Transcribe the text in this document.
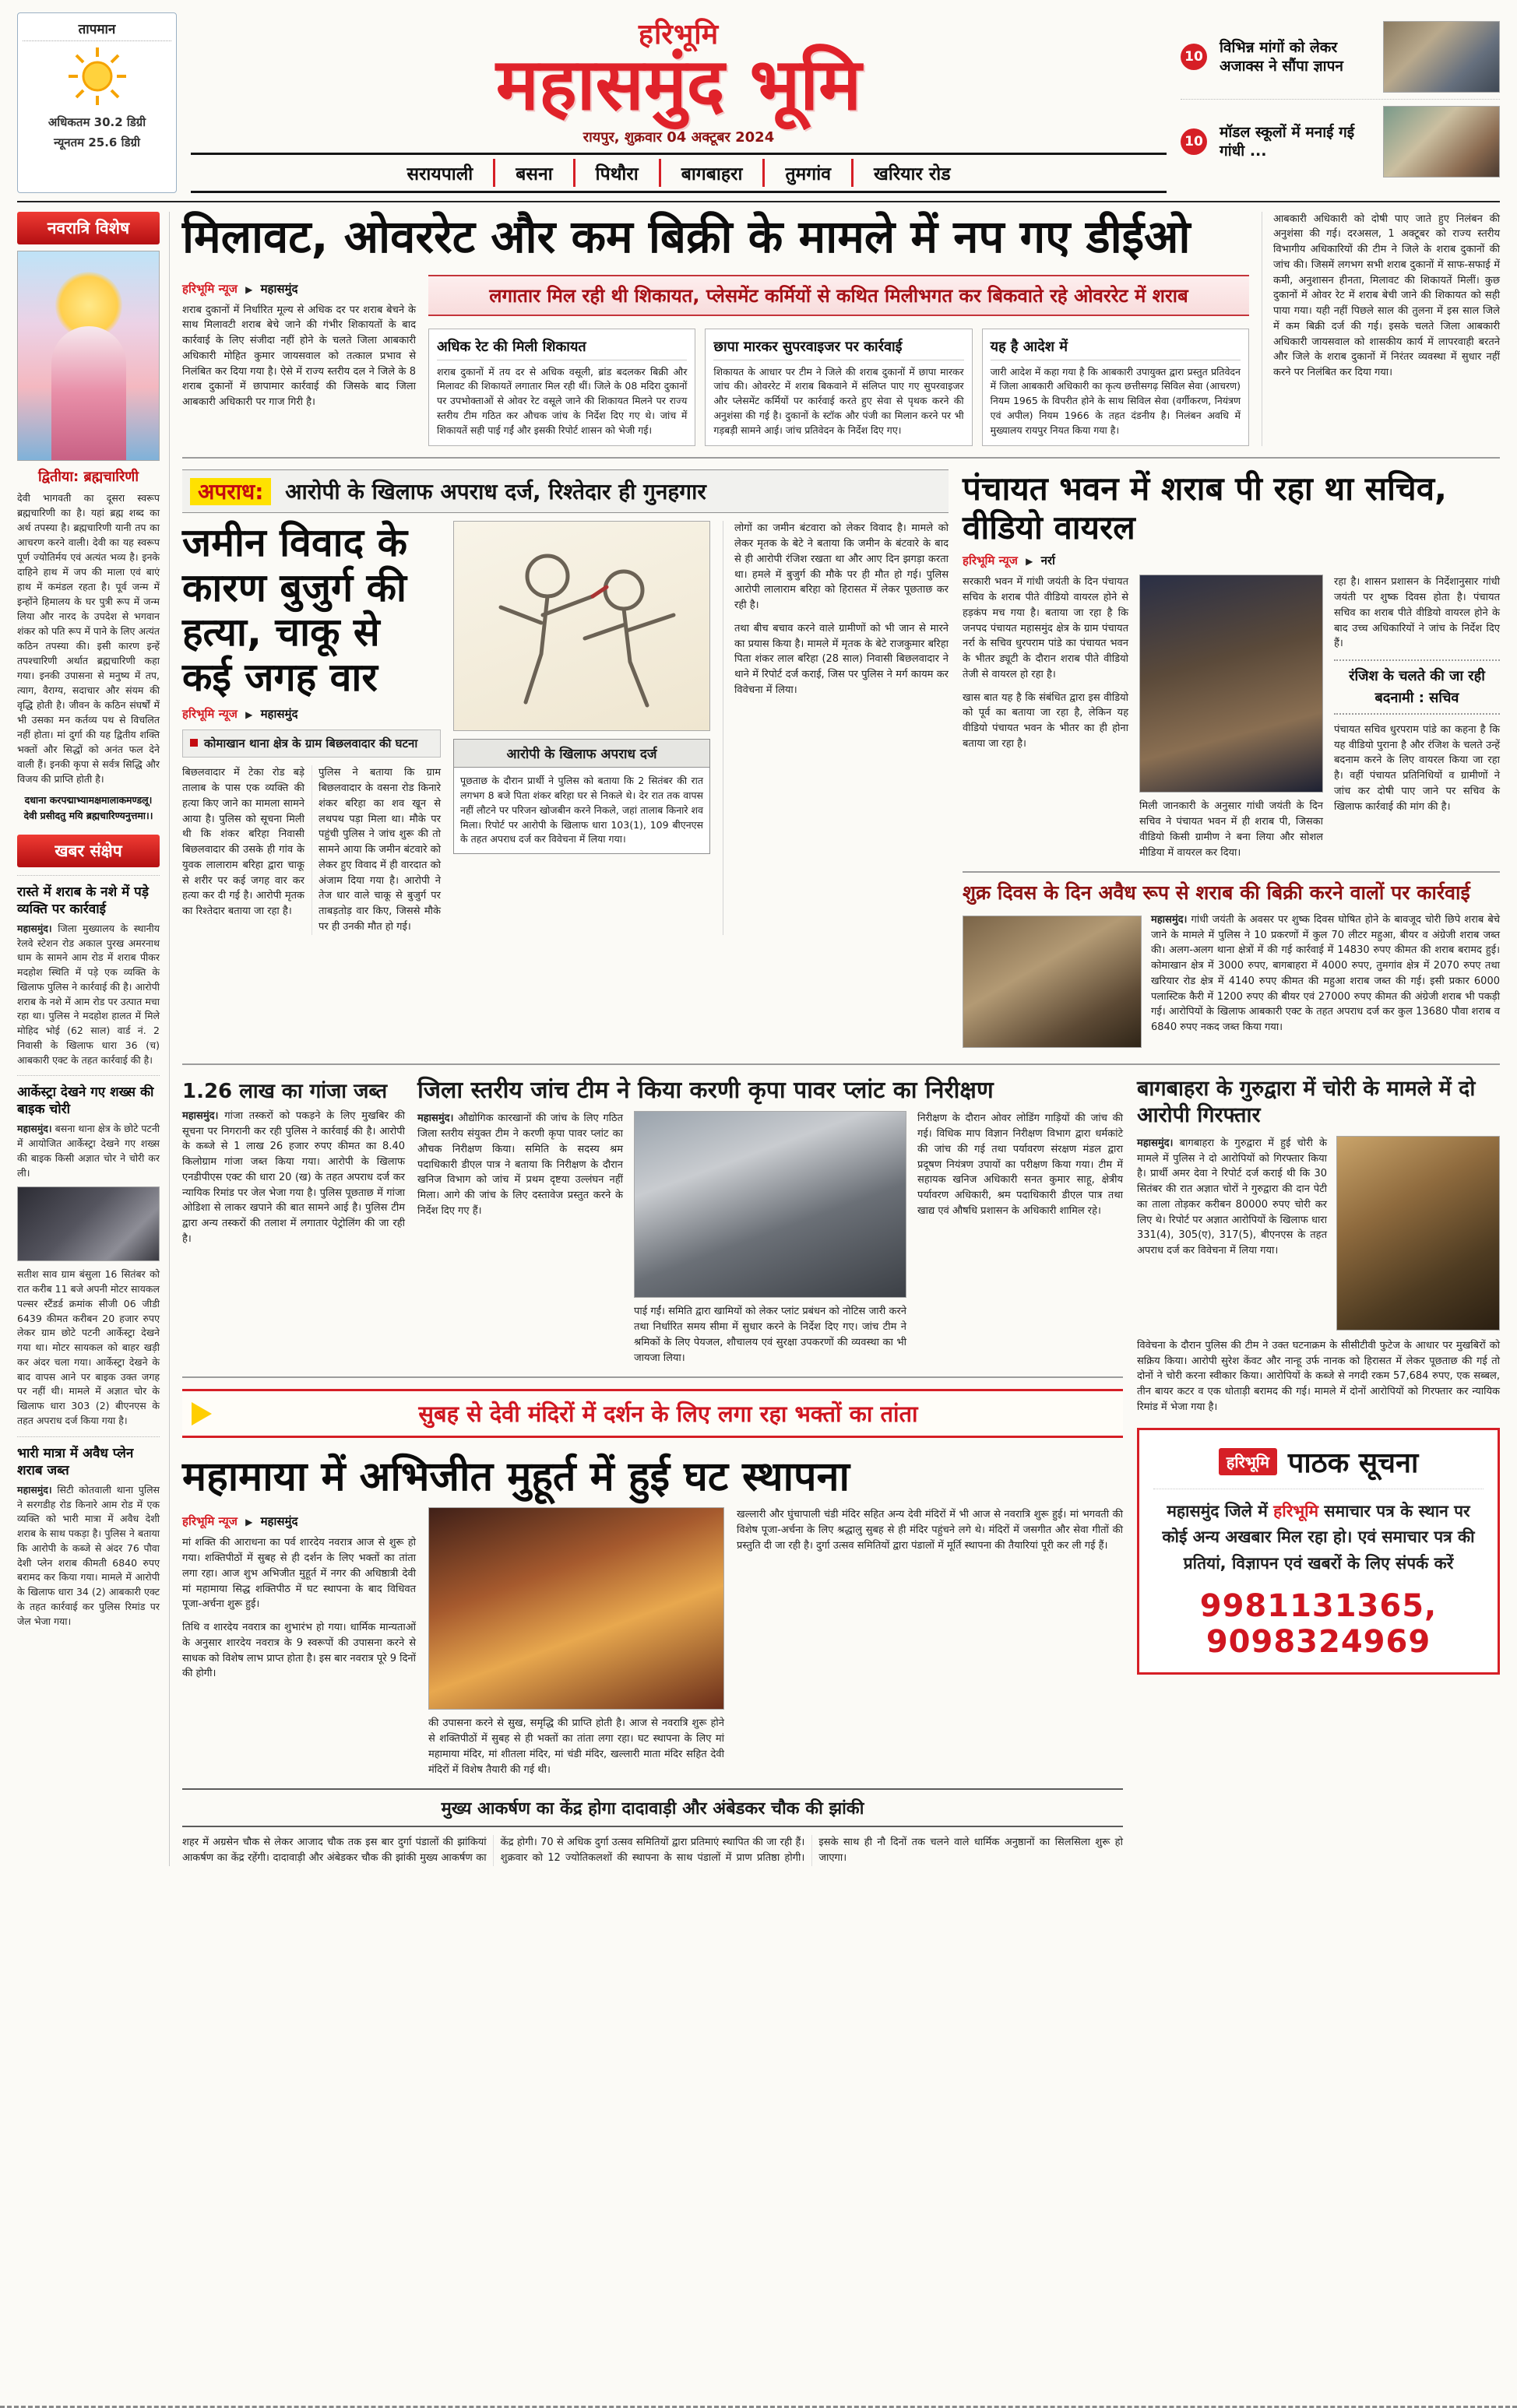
तापमान
अधिकतम 30.2 डिग्री
न्यूनतम 25.6 डिग्री
हरिभूमि
महासमुंद भूमि
रायपुर, शुक्रवार 04 अक्टूबर 2024
सरायपाली	बसना	पिथौरा	बागबाहरा	तुमगांव	खरियार रोड
10
विभिन्न मांगों को लेकर अजाक्स ने सौंपा ज्ञापन
10
मॉडल स्कूलों में मनाई गई गांधी ...
नवरात्रि विशेष
द्वितीया: ब्रह्मचारिणी

देवी भागवती का दूसरा स्वरूप ब्रह्मचारिणी का है। यहां ब्रह्म शब्द का अर्थ तपस्या है। ब्रह्मचारिणी यानी तप का आचरण करने वाली। देवी का यह स्वरूप पूर्ण ज्योतिर्मय एवं अत्यंत भव्य है। इनके दाहिने हाथ में जप की माला एवं बाएं हाथ में कमंडल रहता है। पूर्व जन्म में इन्होंने हिमालय के घर पुत्री रूप में जन्म लिया और नारद के उपदेश से भगवान शंकर को पति रूप में पाने के लिए अत्यंत कठिन तपस्या की। इसी कारण इन्हें तपश्चारिणी अर्थात ब्रह्मचारिणी कहा गया। इनकी उपासना से मनुष्य में तप, त्याग, वैराग्य, सदाचार और संयम की वृद्धि होती है। जीवन के कठिन संघर्षों में भी उसका मन कर्तव्य पथ से विचलित नहीं होता। मां दुर्गा की यह द्वितीय शक्ति भक्तों और सिद्धों को अनंत फल देने वाली हैं। इनकी कृपा से सर्वत्र सिद्धि और विजय की प्राप्ति होती है।

दधाना करपद्माभ्यामक्षमालाकमण्डलू। देवी प्रसीदतु मयि ब्रह्मचारिण्यनुत्तमा।।

खबर संक्षेप
रास्ते में शराब के नशे में पड़े व्यक्ति पर कार्रवाई

महासमुंद। जिला मुख्यालय के स्थानीय रेलवे स्टेशन रोड अकाल पुरख अमरनाथ धाम के सामने आम रोड में शराब पीकर मदहोश स्थिति में पड़े एक व्यक्ति के खिलाफ पुलिस ने कार्रवाई की है। आरोपी शराब के नशे में आम रोड पर उत्पात मचा रहा था। पुलिस ने मदहोश हालत में मिले मोहिद भोई (62 साल) वार्ड नं. 2 निवासी के खिलाफ धारा 36 (च) आबकारी एक्ट के तहत कार्रवाई की है।

आर्केस्ट्रा देखने गए शख्स की बाइक चोरी

महासमुंद। बसना थाना क्षेत्र के छोटे पटनी में आयोजित आर्केस्ट्रा देखने गए शख्स की बाइक किसी अज्ञात चोर ने चोरी कर ली।

सतीश साव ग्राम बंसुला 16 सितंबर को रात करीब 11 बजे अपनी मोटर सायकल पल्सर स्टैंडर्ड क्रमांक सीजी 06 जीडी 6439 कीमत करीबन 20 हजार रुपए लेकर ग्राम छोटे पटनी आर्केस्ट्रा देखने गया था। मोटर सायकल को बाहर खड़ी कर अंदर चला गया। आर्केस्ट्रा देखने के बाद वापस आने पर बाइक उक्त जगह पर नहीं थी। मामले में अज्ञात चोर के खिलाफ धारा 303 (2) बीएनएस के तहत अपराध दर्ज किया गया है।

भारी मात्रा में अवैध प्लेन शराब जब्त

महासमुंद। सिटी कोतवाली थाना पुलिस ने सरगडीह रोड किनारे आम रोड में एक व्यक्ति को भारी मात्रा में अवैध देशी शराब के साथ पकड़ा है। पुलिस ने बताया कि आरोपी के कब्जे से अंदर 76 पौवा देशी प्लेन शराब कीमती 6840 रुपए बरामद कर किया गया। मामले में आरोपी के खिलाफ धारा 34 (2) आबकारी एक्ट के तहत कार्रवाई कर पुलिस रिमांड पर जेल भेजा गया।

मिलावट, ओवररेट और कम बिक्री के मामले में नप गए डीईओ	आबकारी अधिकारी को दोषी पाए जाते हुए निलंबन की अनुशंसा की गई। दरअसल, 1 अक्टूबर को राज्य स्तरीय विभागीय अधिकारियों की टीम ने जिले के शराब दुकानों की जांच की। जिसमें लगभग सभी शराब दुकानों में साफ-सफाई में कमी, अनुशासन हीनता, मिलावट की शिकायतें मिलीं। कुछ दुकानों में ओवर रेट में शराब बेची जाने की शिकायत को सही पाया गया। यही नहीं पिछले साल की तुलना में इस साल जिले में कम बिक्री दर्ज की गई। इसके चलते जिला आबकारी अधिकारी जायसवाल को शासकीय कार्य में लापरवाही बरतने और जिले के शराब दुकानों में निरंतर व्यवस्था में सुधार नहीं करने पर निलंबित कर दिया गया।

हरिभूमि न्यूज ▶ महासमुंद

शराब दुकानों में निर्धारित मूल्य से अधिक दर पर शराब बेचने के साथ मिलावटी शराब बेचे जाने की गंभीर शिकायतों के बाद कार्रवाई के लिए संजीदा नहीं होने के चलते जिला आबकारी अधिकारी मोहित कुमार जायसवाल को तत्काल प्रभाव से निलंबित कर दिया गया है। ऐसे में राज्य स्तरीय दल ने जिले के 8 शराब दुकानों में छापामार कार्रवाई की जिसके बाद जिला आबकारी अधिकारी पर गाज गिरी है।

लगातार मिल रही थी शिकायत, प्लेसमेंट कर्मियों से कथित मिलीभगत कर बिकवाते रहे ओवररेट में शराब
अधिक रेट की मिली शिकायत

शराब दुकानों में तय दर से अधिक वसूली, ब्रांड बदलकर बिक्री और मिलावट की शिकायतें लगातार मिल रही थीं। जिले के 08 मदिरा दुकानों पर उपभोक्ताओं से ओवर रेट वसूले जाने की शिकायत मिलने पर राज्य स्तरीय टीम गठित कर औचक जांच के निर्देश दिए गए थे। जांच में शिकायतें सही पाई गईं और इसकी रिपोर्ट शासन को भेजी गई।

छापा मारकर सुपरवाइजर पर कार्रवाई

शिकायत के आधार पर टीम ने जिले की शराब दुकानों में छापा मारकर जांच की। ओवररेट में शराब बिकवाने में संलिप्त पाए गए सुपरवाइजर और प्लेसमेंट कर्मियों पर कार्रवाई करते हुए सेवा से पृथक करने की अनुशंसा की गई है। दुकानों के स्टॉक और पंजी का मिलान करने पर भी गड़बड़ी सामने आई। जांच प्रतिवेदन के निर्देश दिए गए।

यह है आदेश में

जारी आदेश में कहा गया है कि आबकारी उपायुक्त द्वारा प्रस्तुत प्रतिवेदन में जिला आबकारी अधिकारी का कृत्य छत्तीसगढ़ सिविल सेवा (आचरण) नियम 1965 के विपरीत होने के साथ सिविल सेवा (वर्गीकरण, नियंत्रण एवं अपील) नियम 1966 के तहत दंडनीय है। निलंबन अवधि में मुख्यालय रायपुर नियत किया गया है।

अपराध: आरोपी के खिलाफ अपराध दर्ज, रिश्तेदार ही गुनहगार
जमीन विवाद के कारण बुजुर्ग की हत्या, चाकू से कई जगह वार
हरिभूमि न्यूज ▶ महासमुंद
कोमाखान थाना क्षेत्र के ग्राम बिछलवादार की घटना

बिछलवादार में टेका रोड बड़े तालाब के पास एक व्यक्ति की हत्या किए जाने का मामला सामने आया है। पुलिस को सूचना मिली थी कि शंकर बरिहा निवासी बिछलवादार की उसके ही गांव के युवक लालाराम बरिहा द्वारा चाकू से शरीर पर कई जगह वार कर हत्या कर दी गई है। आरोपी मृतक का रिश्तेदार बताया जा रहा है।

पुलिस ने बताया कि ग्राम बिछलवादार के वसना रोड किनारे शंकर बरिहा का शव खून से लथपथ पड़ा मिला था। मौके पर पहुंची पुलिस ने जांच शुरू की तो सामने आया कि जमीन बंटवारे को लेकर हुए विवाद में ही वारदात को अंजाम दिया गया है। आरोपी ने तेज धार वाले चाकू से बुजुर्ग पर ताबड़तोड़ वार किए, जिससे मौके पर ही उनकी मौत हो गई।

आरोपी के खिलाफ अपराध दर्ज

पूछताछ के दौरान प्रार्थी ने पुलिस को बताया कि 2 सितंबर की रात लगभग 8 बजे पिता शंकर बरिहा घर से निकले थे। देर रात तक वापस नहीं लौटने पर परिजन खोजबीन करने निकले, जहां तालाब किनारे शव मिला। रिपोर्ट पर आरोपी के खिलाफ धारा 103(1), 109 बीएनएस के तहत अपराध दर्ज कर विवेचना में लिया गया।

लोगों का जमीन बंटवारा को लेकर विवाद है। मामले को लेकर मृतक के बेटे ने बताया कि जमीन के बंटवारे के बाद से ही आरोपी रंजिश रखता था और आए दिन झगड़ा करता था। हमले में बुजुर्ग की मौके पर ही मौत हो गई। पुलिस आरोपी लालाराम बरिहा को हिरासत में लेकर पूछताछ कर रही है।

तथा बीच बचाव करने वाले ग्रामीणों को भी जान से मारने का प्रयास किया है। मामले में मृतक के बेटे राजकुमार बरिहा पिता शंकर लाल बरिहा (28 साल) निवासी बिछलवादार ने थाने में रिपोर्ट दर्ज कराई, जिस पर पुलिस ने मर्ग कायम कर विवेचना में लिया।

पंचायत भवन में शराब पी रहा था सचिव, वीडियो वायरल
हरिभूमि न्यूज ▶ नर्रा

सरकारी भवन में गांधी जयंती के दिन पंचायत सचिव के शराब पीते वीडियो वायरल होने से हड़कंप मच गया है। बताया जा रहा है कि जनपद पंचायत महासमुंद क्षेत्र के ग्राम पंचायत नर्रा के सचिव धुरपराम पांडे का पंचायत भवन के भीतर ड्यूटी के दौरान शराब पीते वीडियो तेजी से वायरल हो रहा है।

खास बात यह है कि संबंधित द्वारा इस वीडियो को पूर्व का बताया जा रहा है, लेकिन यह वीडियो पंचायत भवन के भीतर का ही होना बताया जा रहा है।

मिली जानकारी के अनुसार गांधी जयंती के दिन सचिव ने पंचायत भवन में ही शराब पी, जिसका वीडियो किसी ग्रामीण ने बना लिया और सोशल मीडिया में वायरल कर दिया।

रहा है। शासन प्रशासन के निर्देशानुसार गांधी जयंती पर शुष्क दिवस होता है। पंचायत सचिव का शराब पीते वीडियो वायरल होने के बाद उच्च अधिकारियों ने जांच के निर्देश दिए हैं।

रंजिश के चलते की जा रही बदनामी : सचिव

पंचायत सचिव धुरपराम पांडे का कहना है कि यह वीडियो पुराना है और रंजिश के चलते उन्हें बदनाम करने के लिए वायरल किया जा रहा है। वहीं पंचायत प्रतिनिधियों व ग्रामीणों ने जांच कर दोषी पाए जाने पर सचिव के खिलाफ कार्रवाई की मांग की है।

शुक्र दिवस के दिन अवैध रूप से शराब की बिक्री करने वालों पर कार्रवाई

महासमुंद। गांधी जयंती के अवसर पर शुष्क दिवस घोषित होने के बावजूद चोरी छिपे शराब बेचे जाने के मामले में पुलिस ने 10 प्रकरणों में कुल 70 लीटर महुआ, बीयर व अंग्रेजी शराब जब्त की। अलग-अलग थाना क्षेत्रों में की गई कार्रवाई में 14830 रुपए कीमत की शराब बरामद हुई। कोमाखान क्षेत्र में 3000 रुपए, बागबाहरा में 4000 रुपए, तुमगांव क्षेत्र में 2070 रुपए तथा खरियार रोड क्षेत्र में 4140 रुपए कीमत की महुआ शराब जब्त की गई। इसी प्रकार 6000 पलास्टिक कैरी में 1200 रुपए की बीयर एवं 27000 रुपए कीमत की अंग्रेजी शराब भी पकड़ी गई। आरोपियों के खिलाफ आबकारी एक्ट के तहत अपराध दर्ज कर कुल 13680 पौवा शराब व 6840 रुपए नकद जब्त किया गया।

1.26 लाख का गांजा जब्त

महासमुंद। गांजा तस्करों को पकड़ने के लिए मुखबिर की सूचना पर निगरानी कर रही पुलिस ने कार्रवाई की है। आरोपी के कब्जे से 1 लाख 26 हजार रुपए कीमत का 8.40 किलोग्राम गांजा जब्त किया गया। आरोपी के खिलाफ एनडीपीएस एक्ट की धारा 20 (ख) के तहत अपराध दर्ज कर न्यायिक रिमांड पर जेल भेजा गया है। पुलिस पूछताछ में गांजा ओडिशा से लाकर खपाने की बात सामने आई है। पुलिस टीम द्वारा अन्य तस्करों की तलाश में लगातार पेट्रोलिंग की जा रही है।

जिला स्तरीय जांच टीम ने किया करणी कृपा पावर प्लांट का निरीक्षण

महासमुंद। औद्योगिक कारखानों की जांच के लिए गठित जिला स्तरीय संयुक्त टीम ने करणी कृपा पावर प्लांट का औचक निरीक्षण किया। समिति के सदस्य श्रम पदाधिकारी डीएल पात्र ने बताया कि निरीक्षण के दौरान खनिज विभाग को जांच में प्रथम दृष्टया उल्लंघन नहीं मिला। आगे की जांच के लिए दस्तावेज प्रस्तुत करने के निर्देश दिए गए हैं।

पाई गईं। समिति द्वारा खामियों को लेकर प्लांट प्रबंधन को नोटिस जारी करने तथा निर्धारित समय सीमा में सुधार करने के निर्देश दिए गए। जांच टीम ने श्रमिकों के लिए पेयजल, शौचालय एवं सुरक्षा उपकरणों की व्यवस्था का भी जायजा लिया।

निरीक्षण के दौरान ओवर लोडिंग गाड़ियों की जांच की गई। विधिक माप विज्ञान निरीक्षण विभाग द्वारा धर्मकांटे की जांच की गई तथा पर्यावरण संरक्षण मंडल द्वारा प्रदूषण नियंत्रण उपायों का परीक्षण किया गया। टीम में सहायक खनिज अधिकारी सनत कुमार साहू, क्षेत्रीय पर्यावरण अधिकारी, श्रम पदाधिकारी डीएल पात्र तथा खाद्य एवं औषधि प्रशासन के अधिकारी शामिल रहे।

सुबह से देवी मंदिरों में दर्शन के लिए लगा रहा भक्तों का तांता
महामाया में अभिजीत मुहूर्त में हुई घट स्थापना
हरिभूमि न्यूज ▶ महासमुंद

मां शक्ति की आराधना का पर्व शारदेय नवरात्र आज से शुरू हो गया। शक्तिपीठों में सुबह से ही दर्शन के लिए भक्तों का तांता लगा रहा। आज शुभ अभिजीत मुहूर्त में नगर की अधिष्ठात्री देवी मां महामाया सिद्ध शक्तिपीठ में घट स्थापना के बाद विधिवत पूजा-अर्चना शुरू हुई।

तिथि व शारदेय नवरात्र का शुभारंभ हो गया। धार्मिक मान्यताओं के अनुसार शारदेय नवरात्र के 9 स्वरूपों की उपासना करने से साधक को विशेष लाभ प्राप्त होता है। इस बार नवरात्र पूरे 9 दिनों की होगी।

की उपासना करने से सुख, समृद्धि की प्राप्ति होती है। आज से नवरात्रि शुरू होने से शक्तिपीठों में सुबह से ही भक्तों का तांता लगा रहा। घट स्थापना के लिए मां महामाया मंदिर, मां शीतला मंदिर, मां चंडी मंदिर, खल्लारी माता मंदिर सहित देवी मंदिरों में विशेष तैयारी की गई थी।

खल्लारी और घुंचापाली चंडी मंदिर सहित अन्य देवी मंदिरों में भी आज से नवरात्रि शुरू हुई। मां भगवती की विशेष पूजा-अर्चना के लिए श्रद्धालु सुबह से ही मंदिर पहुंचने लगे थे। मंदिरों में जसगीत और सेवा गीतों की प्रस्तुति दी जा रही है। दुर्गा उत्सव समितियों द्वारा पंडालों में मूर्ति स्थापना की तैयारियां पूरी कर ली गई हैं।

मुख्य आकर्षण का केंद्र होगा दादावाड़ी और अंबेडकर चौक की झांकी

शहर में अग्रसेन चौक से लेकर आजाद चौक तक इस बार दुर्गा पंडालों की झांकियां आकर्षण का केंद्र रहेंगी। दादावाड़ी और अंबेडकर चौक की झांकी मुख्य आकर्षण का केंद्र होगी। 70 से अधिक दुर्गा उत्सव समितियों द्वारा प्रतिमाएं स्थापित की जा रही हैं। शुक्रवार को 12 ज्योतिकलशों की स्थापना के साथ पंडालों में प्राण प्रतिष्ठा होगी। इसके साथ ही नौ दिनों तक चलने वाले धार्मिक अनुष्ठानों का सिलसिला शुरू हो जाएगा।

बागबाहरा के गुरुद्वारा में चोरी के मामले में दो आरोपी गिरफ्तार

महासमुंद। बागबाहरा के गुरुद्वारा में हुई चोरी के मामले में पुलिस ने दो आरोपियों को गिरफ्तार किया है। प्रार्थी अमर देवा ने रिपोर्ट दर्ज कराई थी कि 30 सितंबर की रात अज्ञात चोरों ने गुरुद्वारा की दान पेटी का ताला तोड़कर करीबन 80000 रुपए चोरी कर लिए थे। रिपोर्ट पर अज्ञात आरोपियों के खिलाफ धारा 331(4), 305(ए), 317(5), बीएनएस के तहत अपराध दर्ज कर विवेचना में लिया गया।

विवेचना के दौरान पुलिस की टीम ने उक्त घटनाक्रम के सीसीटीवी फुटेज के आधार पर मुखबिरों को सक्रिय किया। आरोपी सुरेश केंवट और नान्हू उर्फ नानक को हिरासत में लेकर पूछताछ की गई तो दोनों ने चोरी करना स्वीकार किया। आरोपियों के कब्जे से नगदी रकम 57,684 रुपए, एक सब्बल, तीन बायर कटर व एक धोताड़ी बरामद की गई। मामले में दोनों आरोपियों को गिरफ्तार कर न्यायिक रिमांड में भेजा गया है।

हरिभूमि पाठक सूचना

महासमुंद जिले में हरिभूमि समाचार पत्र के स्थान पर कोई अन्य अखबार मिल रहा हो। एवं समाचार पत्र की प्रतियां, विज्ञापन एवं खबरों के लिए संपर्क करें

9981131365, 9098324969
